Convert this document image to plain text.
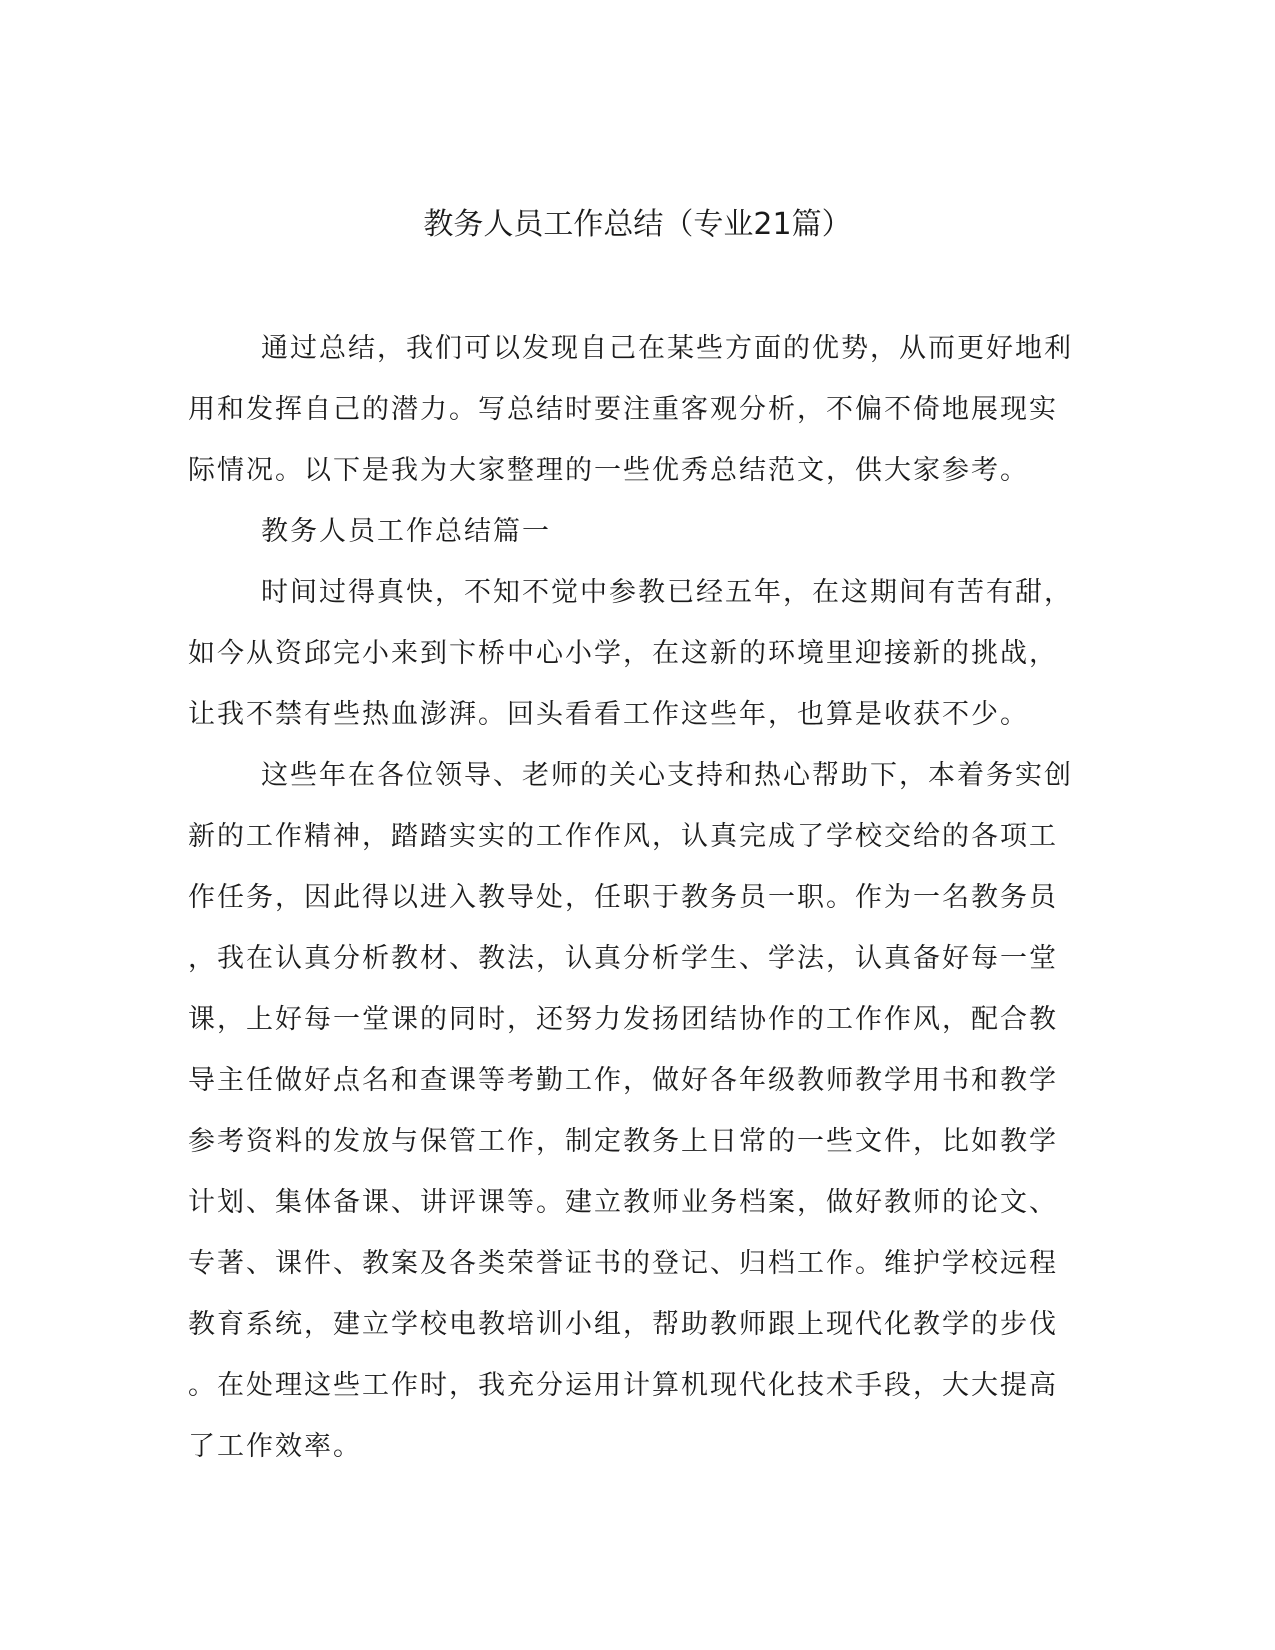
教务人员工作总结（专业21篇）

通过总结，我们可以发现自己在某些方面的优势，从而更好地利
用和发挥自己的潜力。写总结时要注重客观分析，不偏不倚地展现实
际情况。以下是我为大家整理的一些优秀总结范文，供大家参考。

教务人员工作总结篇一

时间过得真快，不知不觉中参教已经五年，在这期间有苦有甜，
如今从资邱完小来到卞桥中心小学，在这新的环境里迎接新的挑战，
让我不禁有些热血澎湃。回头看看工作这些年，也算是收获不少。

这些年在各位领导、老师的关心支持和热心帮助下，本着务实创
新的工作精神，踏踏实实的工作作风，认真完成了学校交给的各项工
作任务，因此得以进入教导处，任职于教务员一职。作为一名教务员
，我在认真分析教材、教法，认真分析学生、学法，认真备好每一堂
课，上好每一堂课的同时，还努力发扬团结协作的工作作风，配合教
导主任做好点名和查课等考勤工作，做好各年级教师教学用书和教学
参考资料的发放与保管工作，制定教务上日常的一些文件，比如教学
计划、集体备课、讲评课等。建立教师业务档案，做好教师的论文、
专著、课件、教案及各类荣誉证书的登记、归档工作。维护学校远程
教育系统，建立学校电教培训小组，帮助教师跟上现代化教学的步伐
。在处理这些工作时，我充分运用计算机现代化技术手段，大大提高
了工作效率。
